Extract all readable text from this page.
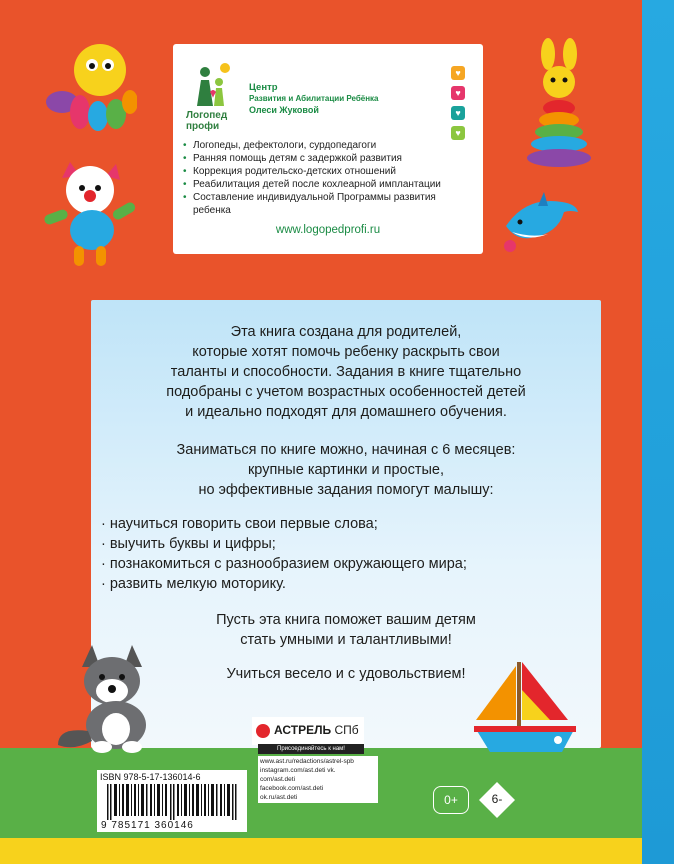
Логопед
профи
Центр
Развития и Абилитации Ребёнка
Олеси Жуковой
♥
♥
♥
♥
• Логопеды, дефектологи, сурдопедагоги
• Ранняя помощь детям с задержкой развития
• Коррекция родительско-детских отношений
• Реабилитация детей после кохлеарной имплантации
• Составление индивидуальной Программы развития ребенка
www.logopedprofi.ru
Эта книга создана для родителей,
которые хотят помочь ребенку раскрыть свои
таланты и способности. Задания в книге тщательно
подобраны с учетом возрастных особенностей детей
и идеально подходят для домашнего обучения.
Заниматься по книге можно, начиная с 6 месяцев:
крупные картинки и простые,
но эффективные задания помогут малышу:
· научиться говорить свои первые слова;
· выучить буквы и цифры;
· познакомиться с разнообразием окружающего мира;
· развить мелкую моторику.
Пусть эта книга поможет вашим детям
стать умными и талантливыми!
Учиться весело и с удовольствием!
АСТРЕЛЬ СПб
Присоединяйтесь к нам!
www.ast.ru/redactions/astrel-spb
instagram.com/ast.deti vk.
com/ast.deti
facebook.com/ast.deti
ok.ru/ast.deti
ISBN 978-5-17-136014-6
9 785171 360146
0+	6-
